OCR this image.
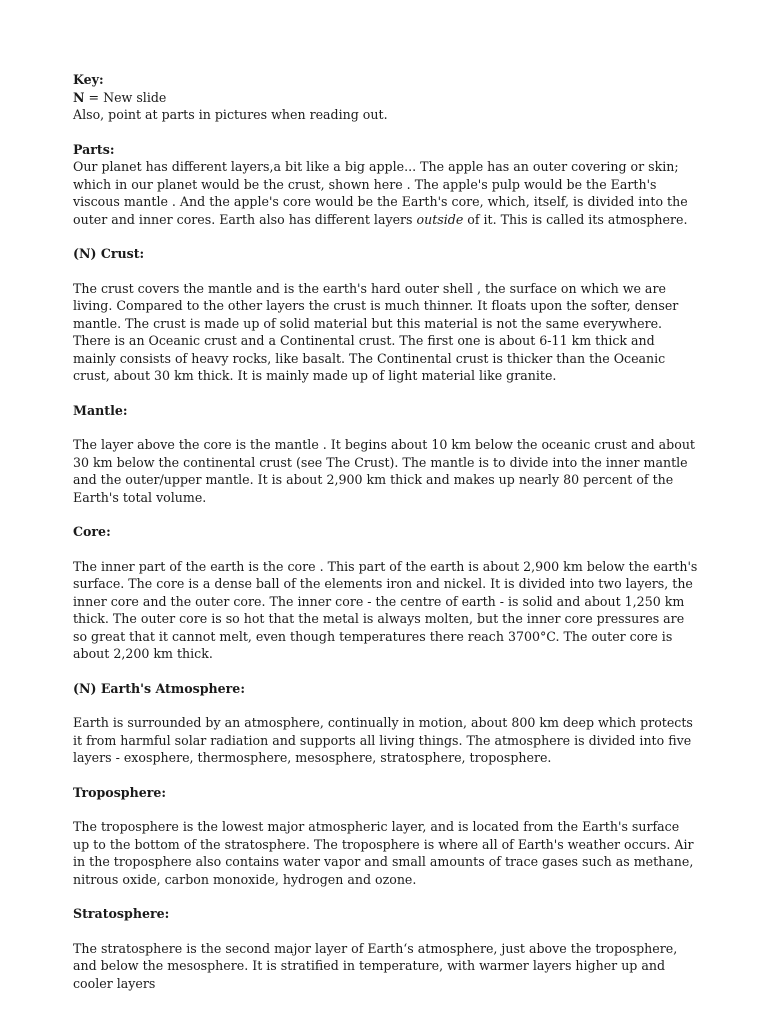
Key:

N = New slide

Also, point at parts in pictures when reading out.

Parts:

Our planet has different layers,a bit like a big apple... The apple has an outer covering or skin; which in our planet would be the crust, shown here . The apple's pulp would be the Earth's viscous mantle . And the apple's core would be the Earth's core, which, itself, is divided into the outer and inner cores. Earth also has different layers outside of it. This is called its atmosphere.

(N) Crust:

The crust covers the mantle and is the earth's hard outer shell , the surface on which we are living. Compared to the other layers the crust is much thinner. It floats upon the softer, denser mantle. The crust is made up of solid material but this material is not the same everywhere. There is an Oceanic crust and a Continental crust. The first one is about 6-11 km thick and mainly consists of heavy rocks, like basalt. The Continental crust is thicker than the Oceanic crust, about 30 km thick. It is mainly made up of light material like granite.

Mantle:

The layer above the core is the mantle . It begins about 10 km below the oceanic crust and about 30 km below the continental crust (see The Crust). The mantle is to divide into the inner mantle and the outer/upper mantle. It is about 2,900 km thick and makes up nearly 80 percent of the Earth's total volume.

Core:

The inner part of the earth is the core . This part of the earth is about 2,900 km below the earth's surface. The core is a dense ball of the elements iron and nickel. It is divided into two layers, the inner core and the outer core. The inner core - the centre of earth - is solid and about 1,250 km thick. The outer core is so hot that the metal is always molten, but the inner core pressures are so great that it cannot melt, even though temperatures there reach 3700°C. The outer core is about 2,200 km thick.

(N) Earth's Atmosphere:

Earth is surrounded by an atmosphere, continually in motion, about 800 km deep which protects it from harmful solar radiation and supports all living things. The atmosphere is divided into five layers - exosphere, thermosphere, mesosphere, stratosphere, troposphere.

Troposphere:

The troposphere is the lowest major atmospheric layer, and is located from the Earth's surface up to the bottom of the stratosphere. The troposphere is where all of Earth's weather occurs. Air in the troposphere also contains water vapor and small amounts of trace gases such as methane, nitrous oxide, carbon monoxide, hydrogen and ozone.

Stratosphere:

The stratosphere is the second major layer of Earth‘s atmosphere, just above the troposphere, and below the mesosphere. It is stratified in temperature, with warmer layers higher up and cooler layers
